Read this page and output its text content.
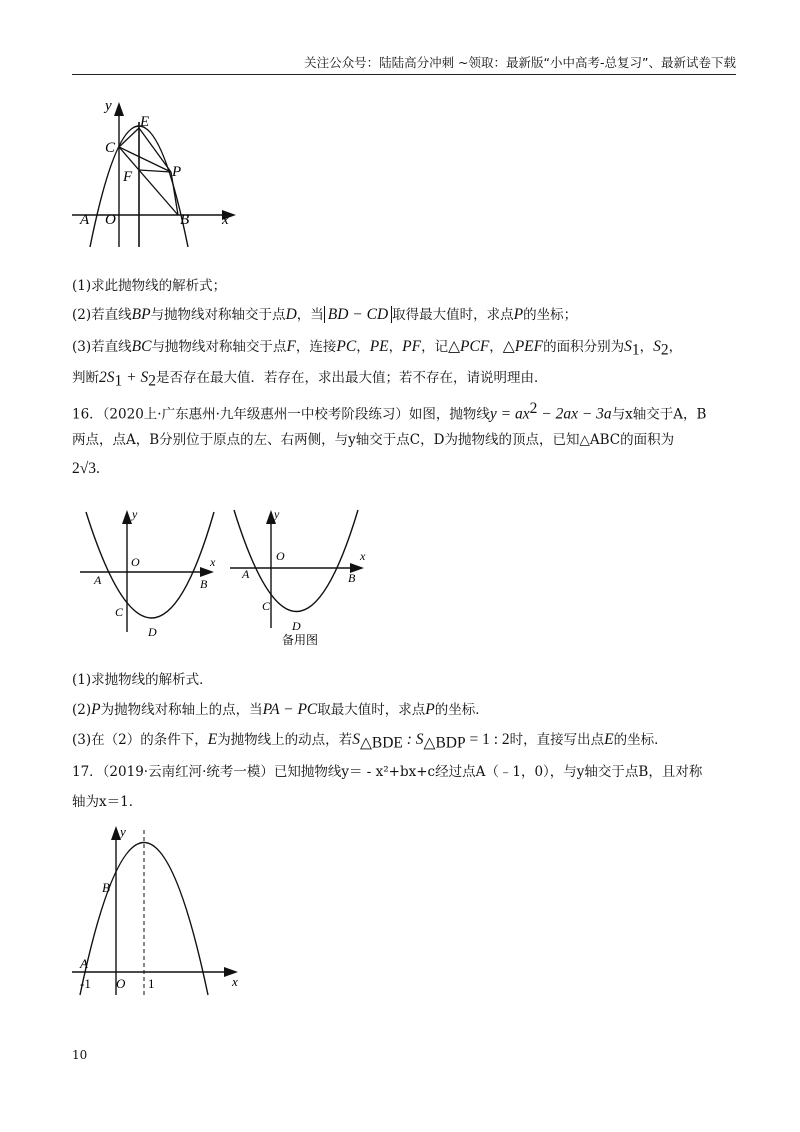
关注公众号：陆陆高分冲刺 ~领取：最新版“小中高考-总复习”、最新试卷下载
y
E
C
F	P
A O	B x
(1)求此抛物线的解析式；
(2)若直线BP与抛物线对称轴交于点D，当 BD − CD 取得最大值时，求点P的坐标；
(3)若直线BC与抛物线对称轴交于点F，连接PC，PE，PF，记△PCF，△PEF的面积分别为$S_1$，$S_2$，
判断$2S_1 + S_2$是否存在最大值．若存在，求出最大值；若不存在，请说明理由．
16．（2020上·广东惠州·九年级惠州一中校考阶段练习）如图，抛物线$y = ax^2 - 2ax - 3a$与x轴交于A，B
两点，点A，B分别位于原点的左、右两侧，与y轴交于点C，D为抛物线的顶点，已知△ABC的面积为
2√3.
y
x
O
A	B
C
D
y
x
O
A	B
C
D
备用图
(1)求抛物线的解析式．
(2)P为抛物线对称轴上的点，当PA − PC取最大值时，求点P的坐标．
(3)在（2）的条件下，E为抛物线上的动点，若$S_{\triangle BDE}$ : $S_{\triangle BDP} = 1$ : 2时，直接写出点E的坐标．
17．（2019·云南红河·统考一模）已知抛物线y＝ - x²+bx+c经过点A（﹣1，0），与y轴交于点B，且对称
轴为x＝1．
y
x
B
A
-1 O 1
10
